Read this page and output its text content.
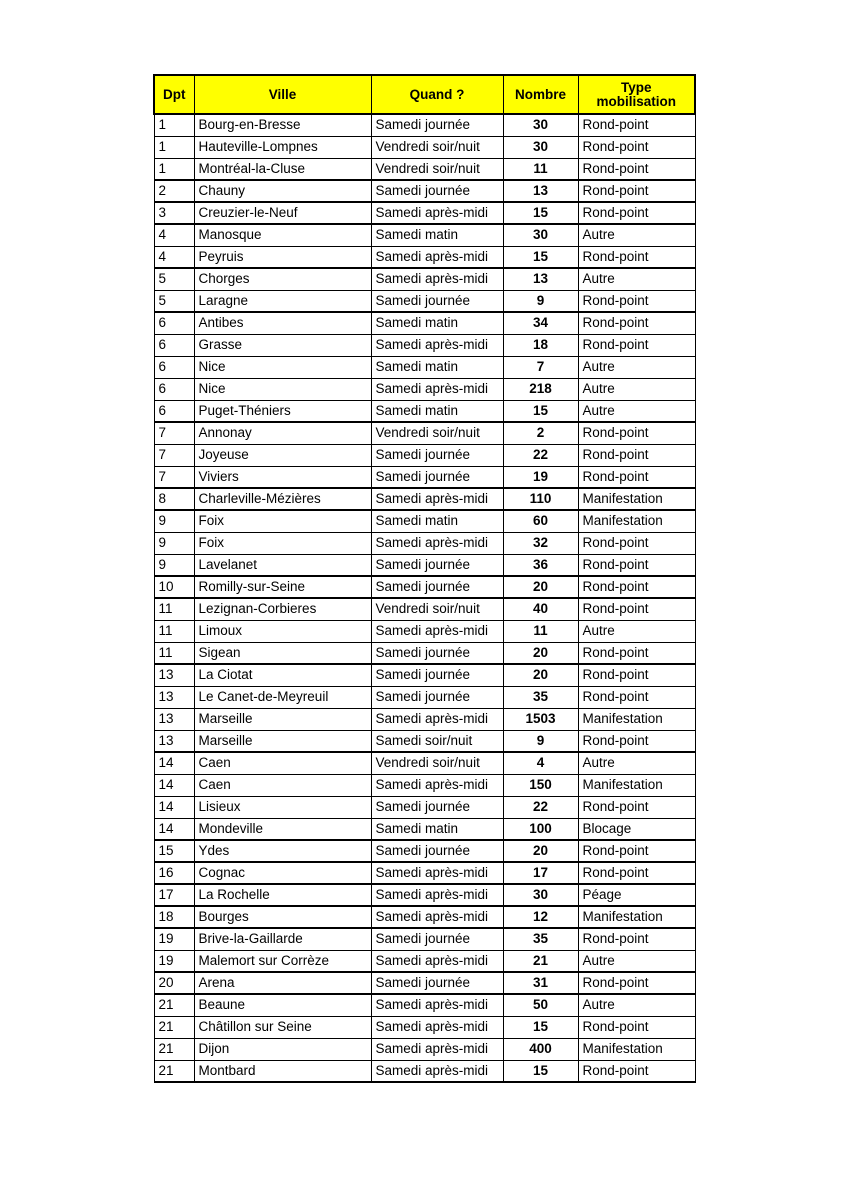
Dpt	Ville	Quand ?	Nombre	Type
mobilisation
1	Bourg-en-Bresse	Samedi journée	30	Rond-point
1	Hauteville-Lompnes	Vendredi soir/nuit	30	Rond-point
1	Montréal-la-Cluse	Vendredi soir/nuit	11	Rond-point
2	Chauny	Samedi journée	13	Rond-point
3	Creuzier-le-Neuf	Samedi après-midi	15	Rond-point
4	Manosque	Samedi matin	30	Autre
4	Peyruis	Samedi après-midi	15	Rond-point
5	Chorges	Samedi après-midi	13	Autre
5	Laragne	Samedi journée	9	Rond-point
6	Antibes	Samedi matin	34	Rond-point
6	Grasse	Samedi après-midi	18	Rond-point
6	Nice	Samedi matin	7	Autre
6	Nice	Samedi après-midi	218	Autre
6	Puget-Théniers	Samedi matin	15	Autre
7	Annonay	Vendredi soir/nuit	2	Rond-point
7	Joyeuse	Samedi journée	22	Rond-point
7	Viviers	Samedi journée	19	Rond-point
8	Charleville-Mézières	Samedi après-midi	110	Manifestation
9	Foix	Samedi matin	60	Manifestation
9	Foix	Samedi après-midi	32	Rond-point
9	Lavelanet	Samedi journée	36	Rond-point
10	Romilly-sur-Seine	Samedi journée	20	Rond-point
11	Lezignan-Corbieres	Vendredi soir/nuit	40	Rond-point
11	Limoux	Samedi après-midi	11	Autre
11	Sigean	Samedi journée	20	Rond-point
13	La Ciotat	Samedi journée	20	Rond-point
13	Le Canet-de-Meyreuil	Samedi journée	35	Rond-point
13	Marseille	Samedi après-midi	1503	Manifestation
13	Marseille	Samedi soir/nuit	9	Rond-point
14	Caen	Vendredi soir/nuit	4	Autre
14	Caen	Samedi après-midi	150	Manifestation
14	Lisieux	Samedi journée	22	Rond-point
14	Mondeville	Samedi matin	100	Blocage
15	Ydes	Samedi journée	20	Rond-point
16	Cognac	Samedi après-midi	17	Rond-point
17	La Rochelle	Samedi après-midi	30	Péage
18	Bourges	Samedi après-midi	12	Manifestation
19	Brive-la-Gaillarde	Samedi journée	35	Rond-point
19	Malemort sur Corrèze	Samedi après-midi	21	Autre
20	Arena	Samedi journée	31	Rond-point
21	Beaune	Samedi après-midi	50	Autre
21	Châtillon sur Seine	Samedi après-midi	15	Rond-point
21	Dijon	Samedi après-midi	400	Manifestation
21	Montbard	Samedi après-midi	15	Rond-point
